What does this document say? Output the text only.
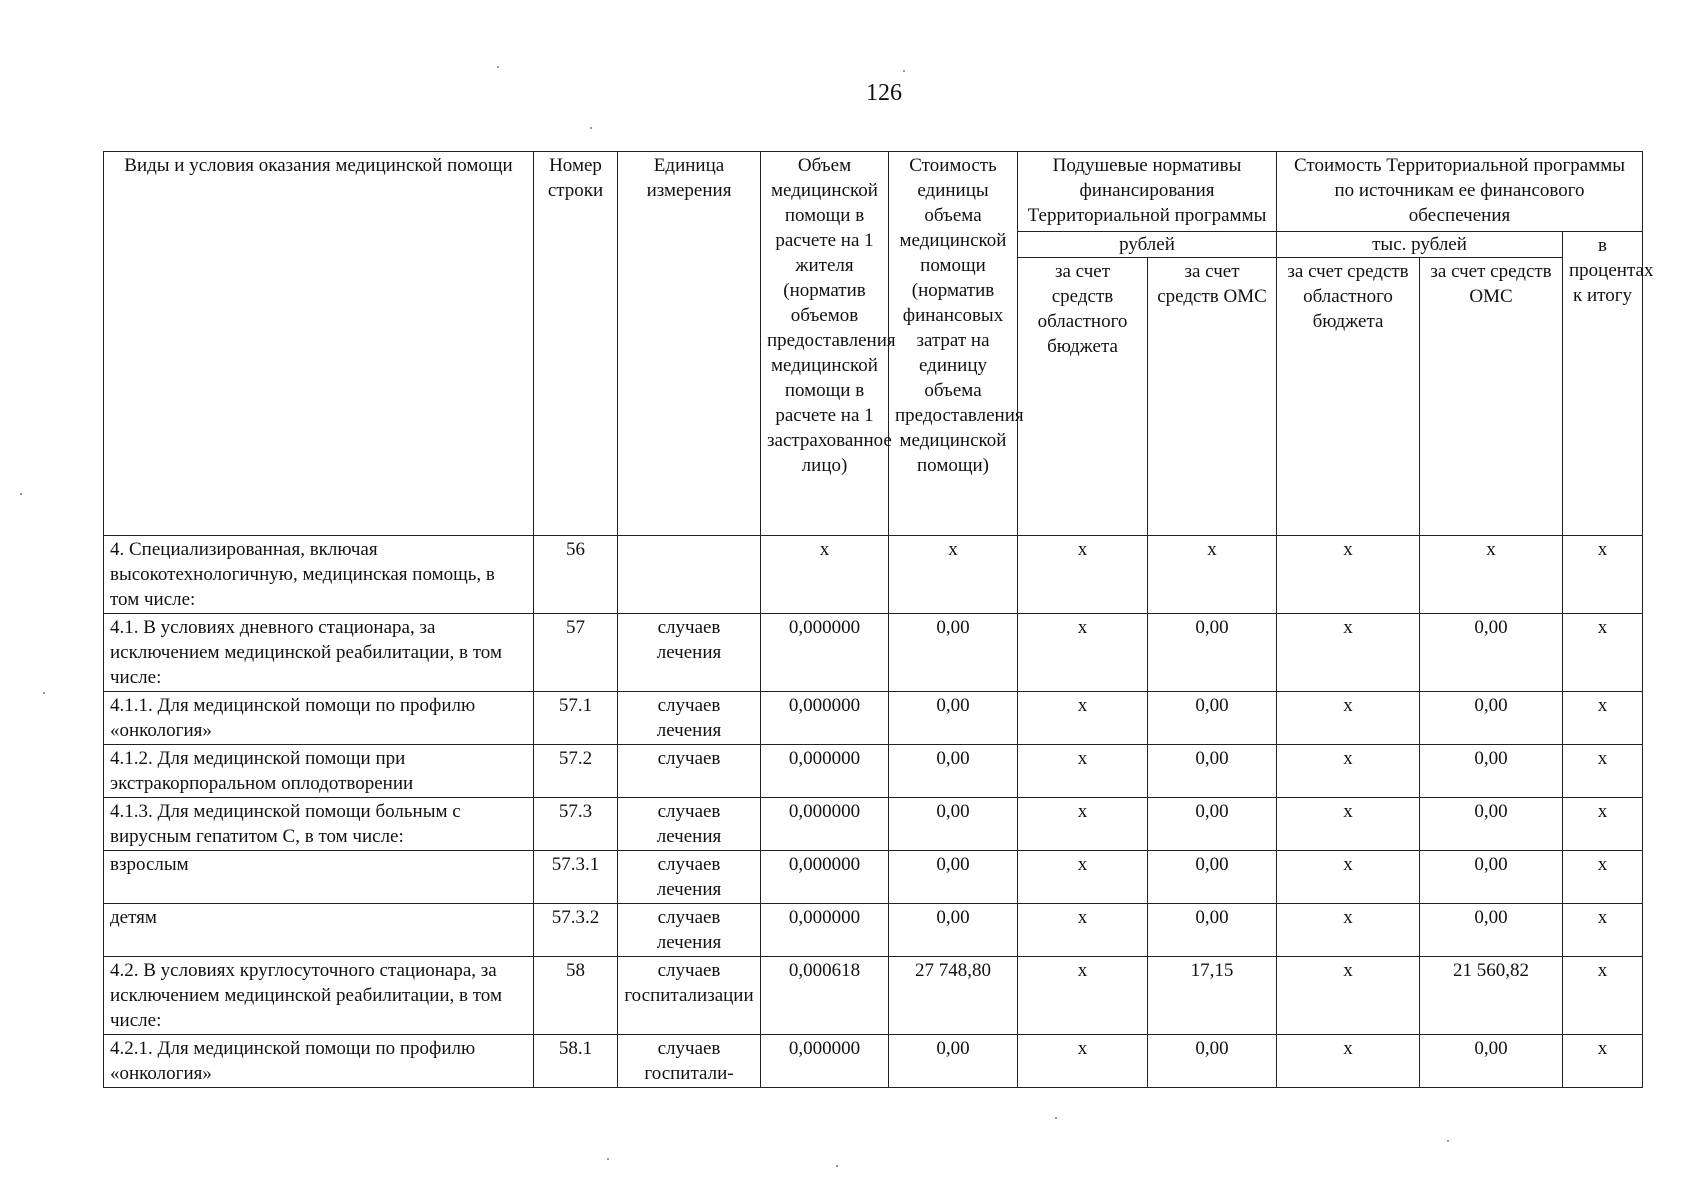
126
Виды и условия оказания медицинской помощи	Номер строки	Единица измерения	Объем медицинской помощи в расчете на 1 жителя (норматив объемов предоставления медицинской помощи в расчете на 1 застрахованное лицо)	Стоимость единицы объема медицинской помощи (норматив финансовых затрат на единицу объема предоставления медицинской помощи)	Подушевые нормативы финансирования Территориальной программы		Стоимость Территориальной программы по источникам ее финансового обеспечения		
					рублей		тыс. рублей		в процентах к итогу
					за счет средств областного бюджета	за счет средств ОМС	за счет средств областного бюджета	за счет средств ОМС	
4. Специализированная, включая высокотехнологичную, медицинская помощь, в том числе:	56		х	х	х	х	х	х	х
4.1. В условиях дневного стационара, за исключением медицинской реабилитации, в том числе:	57	случаев лечения	0,000000	0,00	х	0,00	х	0,00	х
4.1.1. Для медицинской помощи по профилю «онкология»	57.1	случаев лечения	0,000000	0,00	х	0,00	х	0,00	х
4.1.2. Для медицинской помощи при экстракорпоральном оплодотворении	57.2	случаев	0,000000	0,00	х	0,00	х	0,00	х
4.1.3. Для медицинской помощи больным с вирусным гепатитом С, в том числе:	57.3	случаев лечения	0,000000	0,00	х	0,00	х	0,00	х
взрослым	57.3.1	случаев лечения	0,000000	0,00	х	0,00	х	0,00	х
детям	57.3.2	случаев лечения	0,000000	0,00	х	0,00	х	0,00	х
4.2. В условиях круглосуточного стационара, за исключением медицинской реабилитации, в том числе:	58	случаев госпитализации	0,000618	27 748,80	х	17,15	х	21 560,82	х
4.2.1. Для медицинской помощи по профилю «онкология»	58.1	случаев госпитали-	0,000000	0,00	х	0,00	х	0,00	х
